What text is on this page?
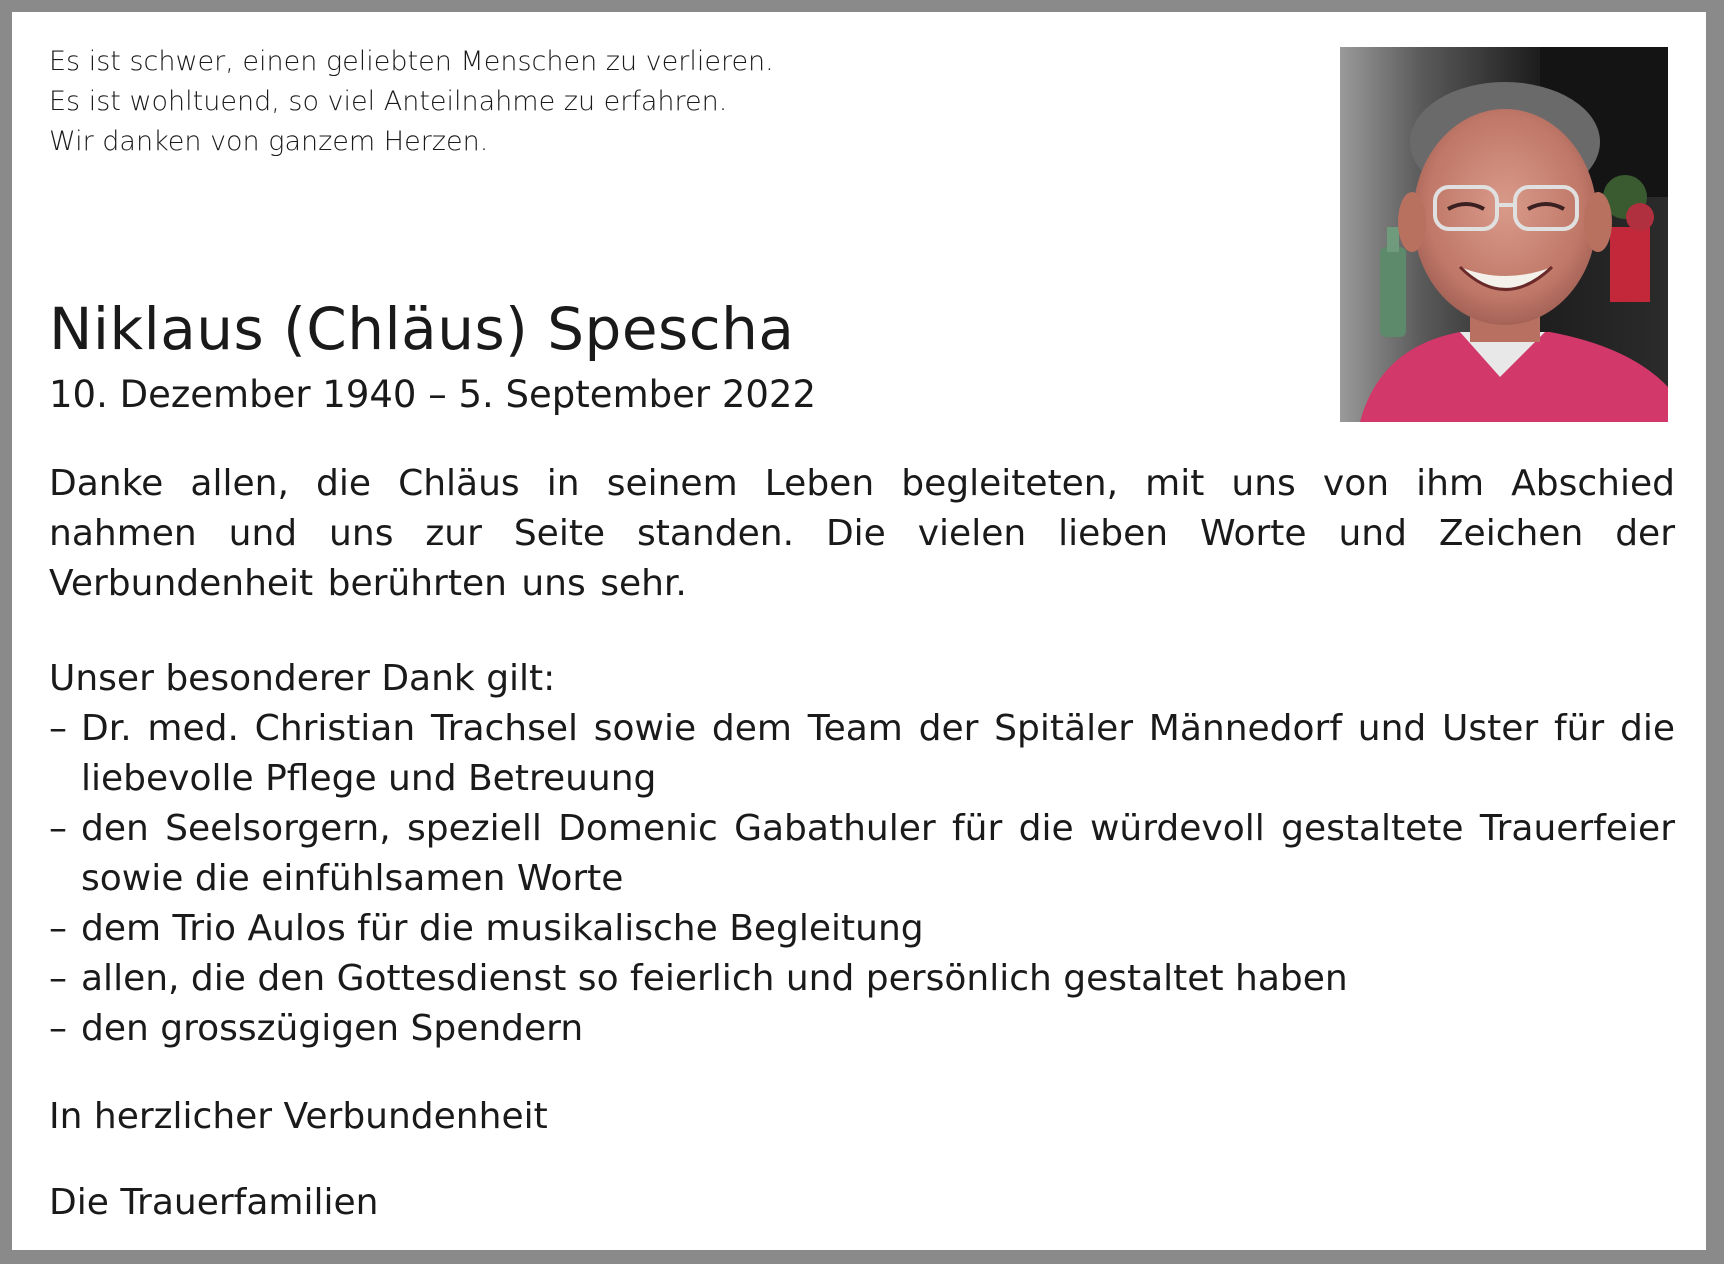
Es ist schwer, einen geliebten Menschen zu verlieren.
Es ist wohltuend, so viel Anteilnahme zu erfahren.
Wir danken von ganzem Herzen.
Niklaus (Chläus) Spescha
10. Dezember 1940 – 5. September 2022
Danke allen, die Chläus in seinem Leben begleiteten, mit uns von ihm Abschied nahmen und uns zur Seite standen. Die vielen lieben Worte und Zeichen der Verbundenheit berührten uns sehr.
Unser besonderer Dank gilt:
– Dr. med. Christian Trachsel sowie dem Team der Spitäler Männedorf und Uster für die liebevolle Pflege und Betreuung
– den Seelsorgern, speziell Domenic Gabathuler für die würdevoll gestaltete Trauerfeier sowie die einfühlsamen Worte
– dem Trio Aulos für die musikalische Begleitung
– allen, die den Gottesdienst so feierlich und persönlich gestaltet haben
– den grosszügigen Spendern
In herzlicher Verbundenheit
Die Trauerfamilien
